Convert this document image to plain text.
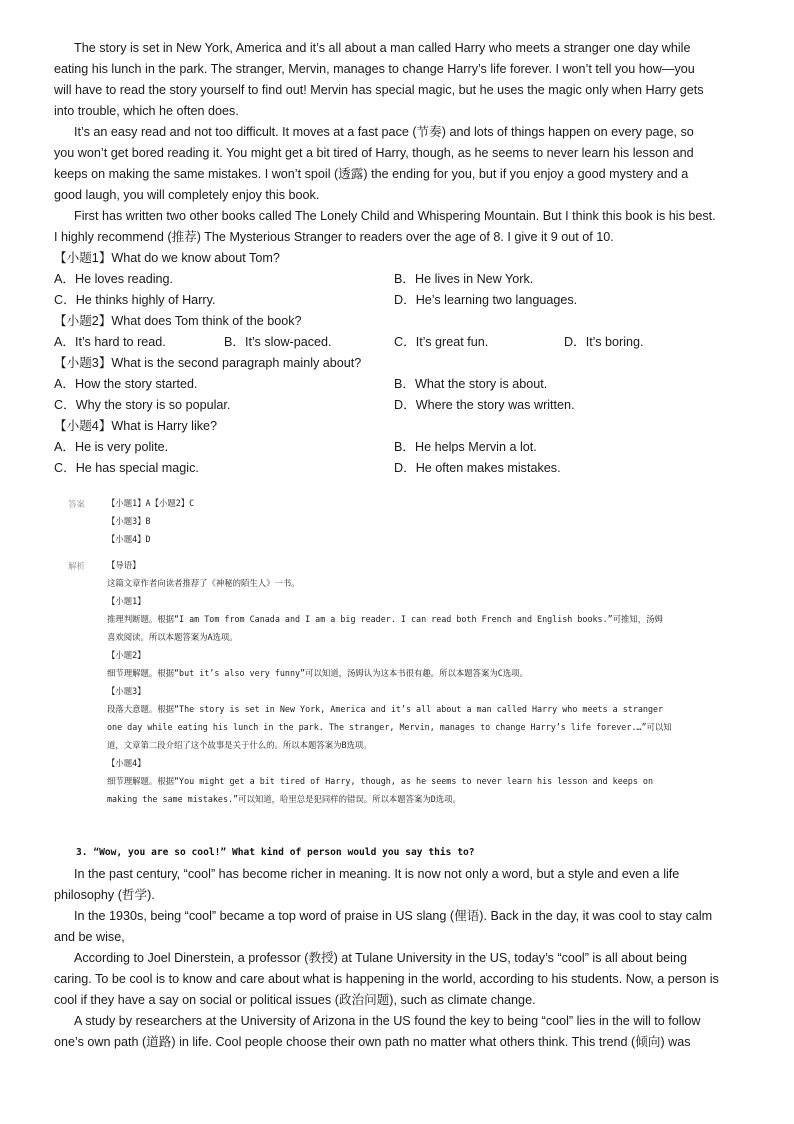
The story is set in New York, America and it’s all about a man called Harry who meets a stranger one day while
eating his lunch in the park. The stranger, Mervin, manages to change Harry’s life forever. I won’t tell you how—you
will have to read the story yourself to find out! Mervin has special magic, but he uses the magic only when Harry gets
into trouble, which he often does.
It’s an easy read and not too difficult. It moves at a fast pace (节奏) and lots of things happen on every page, so
you won’t get bored reading it. You might get a bit tired of Harry, though, as he seems to never learn his lesson and
keeps on making the same mistakes. I won’t spoil (透露) the ending for you, but if you enjoy a good mystery and a
good laugh, you will completely enjoy this book.
First has written two other books called The Lonely Child and Whispering Mountain. But I think this book is his best.
I highly recommend (推荐) The Mysterious Stranger to readers over the age of 8. I give it 9 out of 10.
【小题1】What do we know about Tom?
A．He loves reading.	B．He lives in New York.
C．He thinks highly of Harry.	D．He’s learning two languages.
【小题2】What does Tom think of the book?
A．It’s hard to read.	B．It’s slow-paced.	C．It’s great fun.	D．It’s boring.
【小题3】What is the second paragraph mainly about?
A．How the story started.	B．What the story is about.
C．Why the story is so popular.	D．Where the story was written.
【小题4】What is Harry like?
A．He is very polite.	B．He helps Mervin a lot.
C．He has special magic.	D．He often makes mistakes.
答案	【小题1】A【小题2】C
【小题3】B
【小题4】D
解析	【导语】
这篇文章作者向读者推荐了《神秘的陌生人》一书。
【小题1】
推理判断题。根据“I am Tom from Canada and I am a big reader. I can read both French and English books.”可推知，汤姆
喜欢阅读。所以本题答案为A选项。
【小题2】
细节理解题。根据“but it’s also very funny”可以知道，汤姆认为这本书很有趣。所以本题答案为C选项。
【小题3】
段落大意题。根据“The story is set in New York, America and it’s all about a man called Harry who meets a stranger
one day while eating his lunch in the park. The stranger, Mervin, manages to change Harry’s life forever.…”可以知
道，文章第二段介绍了这个故事是关于什么的。所以本题答案为B选项。
【小题4】
细节理解题。根据“You might get a bit tired of Harry, though, as he seems to never learn his lesson and keeps on
making the same mistakes.”可以知道，哈里总是犯同样的错误。所以本题答案为D选项。
3. “Wow, you are so cool!” What kind of person would you say this to?
In the past century, “cool” has become richer in meaning. It is now not only a word, but a style and even a life
philosophy (哲学).
In the 1930s, being “cool” became a top word of praise in US slang (俚语). Back in the day, it was cool to stay calm
and be wise,
According to Joel Dinerstein, a professor (教授) at Tulane University in the US, today’s “cool” is all about being
caring. To be cool is to know and care about what is happening in the world, according to his students. Now, a person is
cool if they have a say on social or political issues (政治问题), such as climate change.
A study by researchers at the University of Arizona in the US found the key to being “cool” lies in the will to follow
one’s own path (道路) in life. Cool people choose their own path no matter what others think. This trend (倾向) was
